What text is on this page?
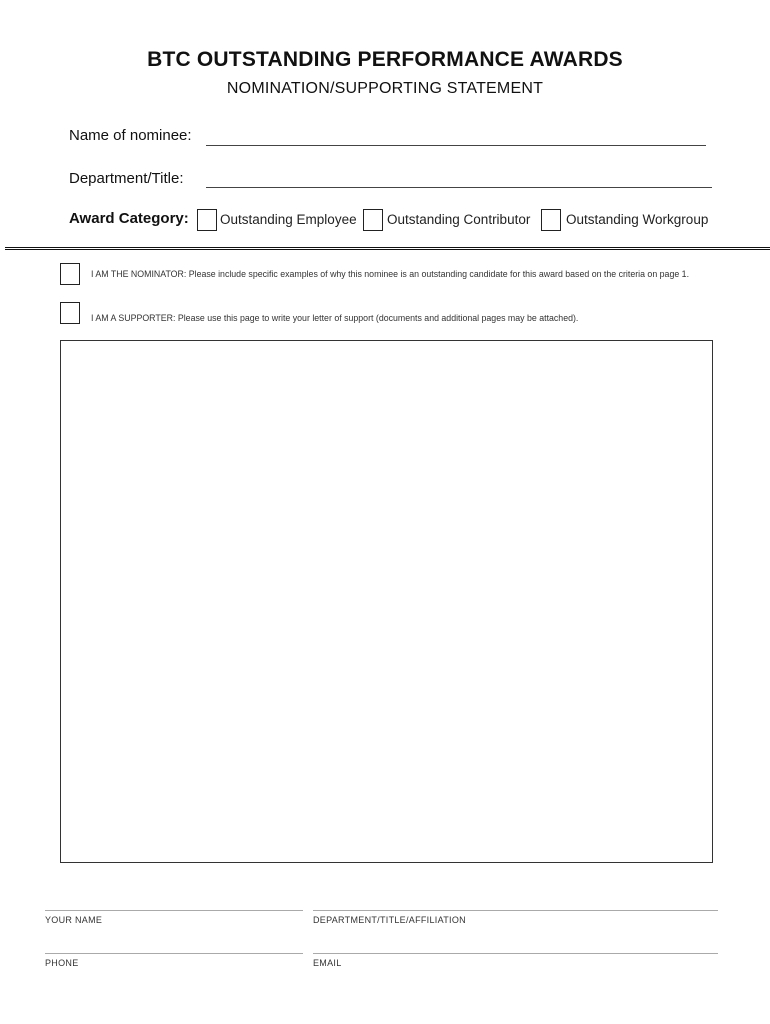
BTC OUTSTANDING PERFORMANCE AWARDS
NOMINATION/SUPPORTING STATEMENT
Name of nominee:
Department/Title:
Award Category: Outstanding Employee Outstanding Contributor	Outstanding Workgroup
I AM THE NOMINATOR: Please include specific examples of why this nominee is an outstanding candidate for this award based on the criteria on page 1.
I AM A SUPPORTER: Please use this page to write your letter of support (documents and additional pages may be attached).
YOUR NAME	DEPARTMENT/TITLE/AFFILIATION
PHONE	EMAIL
